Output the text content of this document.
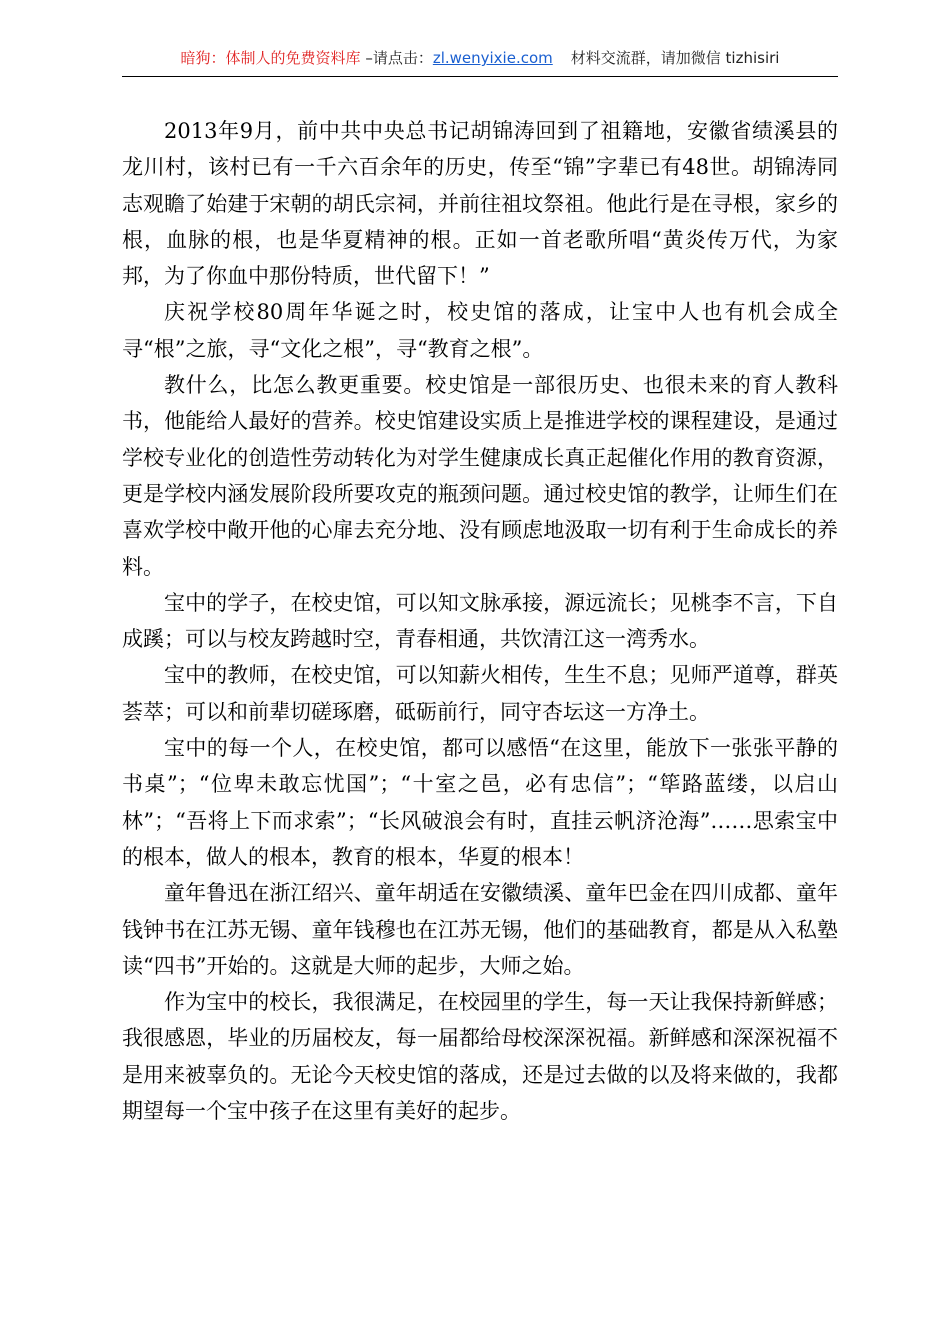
暗狗：体制人的免费资料库 –请点击：zl.wenyixie.com 材料交流群，请加微信 tizhisiri

2013年9月，前中共中央总书记胡锦涛回到了祖籍地，安徽省绩溪县的龙川村，该村已有一千六百余年的历史，传至“锦”字辈已有48世。胡锦涛同志观瞻了始建于宋朝的胡氏宗祠，并前往祖坟祭祖。他此行是在寻根，家乡的根，血脉的根，也是华夏精神的根。正如一首老歌所唱“黄炎传万代，为家邦，为了你血中那份特质，世代留下！”

庆祝学校80周年华诞之时，校史馆的落成，让宝中人也有机会成全寻“根”之旅，寻“文化之根”，寻“教育之根”。

教什么，比怎么教更重要。校史馆是一部很历史、也很未来的育人教科书，他能给人最好的营养。校史馆建设实质上是推进学校的课程建设，是通过学校专业化的创造性劳动转化为对学生健康成长真正起催化作用的教育资源，更是学校内涵发展阶段所要攻克的瓶颈问题。通过校史馆的教学，让师生们在喜欢学校中敞开他的心扉去充分地、没有顾虑地汲取一切有利于生命成长的养料。

宝中的学子，在校史馆，可以知文脉承接，源远流长；见桃李不言，下自成蹊；可以与校友跨越时空，青春相通，共饮清江这一湾秀水。

宝中的教师，在校史馆，可以知薪火相传，生生不息；见师严道尊，群英荟萃；可以和前辈切磋琢磨，砥砺前行，同守杏坛这一方净土。

宝中的每一个人，在校史馆，都可以感悟“在这里，能放下一张张平静的书桌”；“位卑未敢忘忧国”；“十室之邑，必有忠信”；“筚路蓝缕，以启山林”；“吾将上下而求索”；“长风破浪会有时，直挂云帆济沧海”……思索宝中的根本，做人的根本，教育的根本，华夏的根本！

童年鲁迅在浙江绍兴、童年胡适在安徽绩溪、童年巴金在四川成都、童年钱钟书在江苏无锡、童年钱穆也在江苏无锡，他们的基础教育，都是从入私塾读“四书”开始的。这就是大师的起步，大师之始。

作为宝中的校长，我很满足，在校园里的学生，每一天让我保持新鲜感；我很感恩，毕业的历届校友，每一届都给母校深深祝福。新鲜感和深深祝福不是用来被辜负的。无论今天校史馆的落成，还是过去做的以及将来做的，我都期望每一个宝中孩子在这里有美好的起步。
